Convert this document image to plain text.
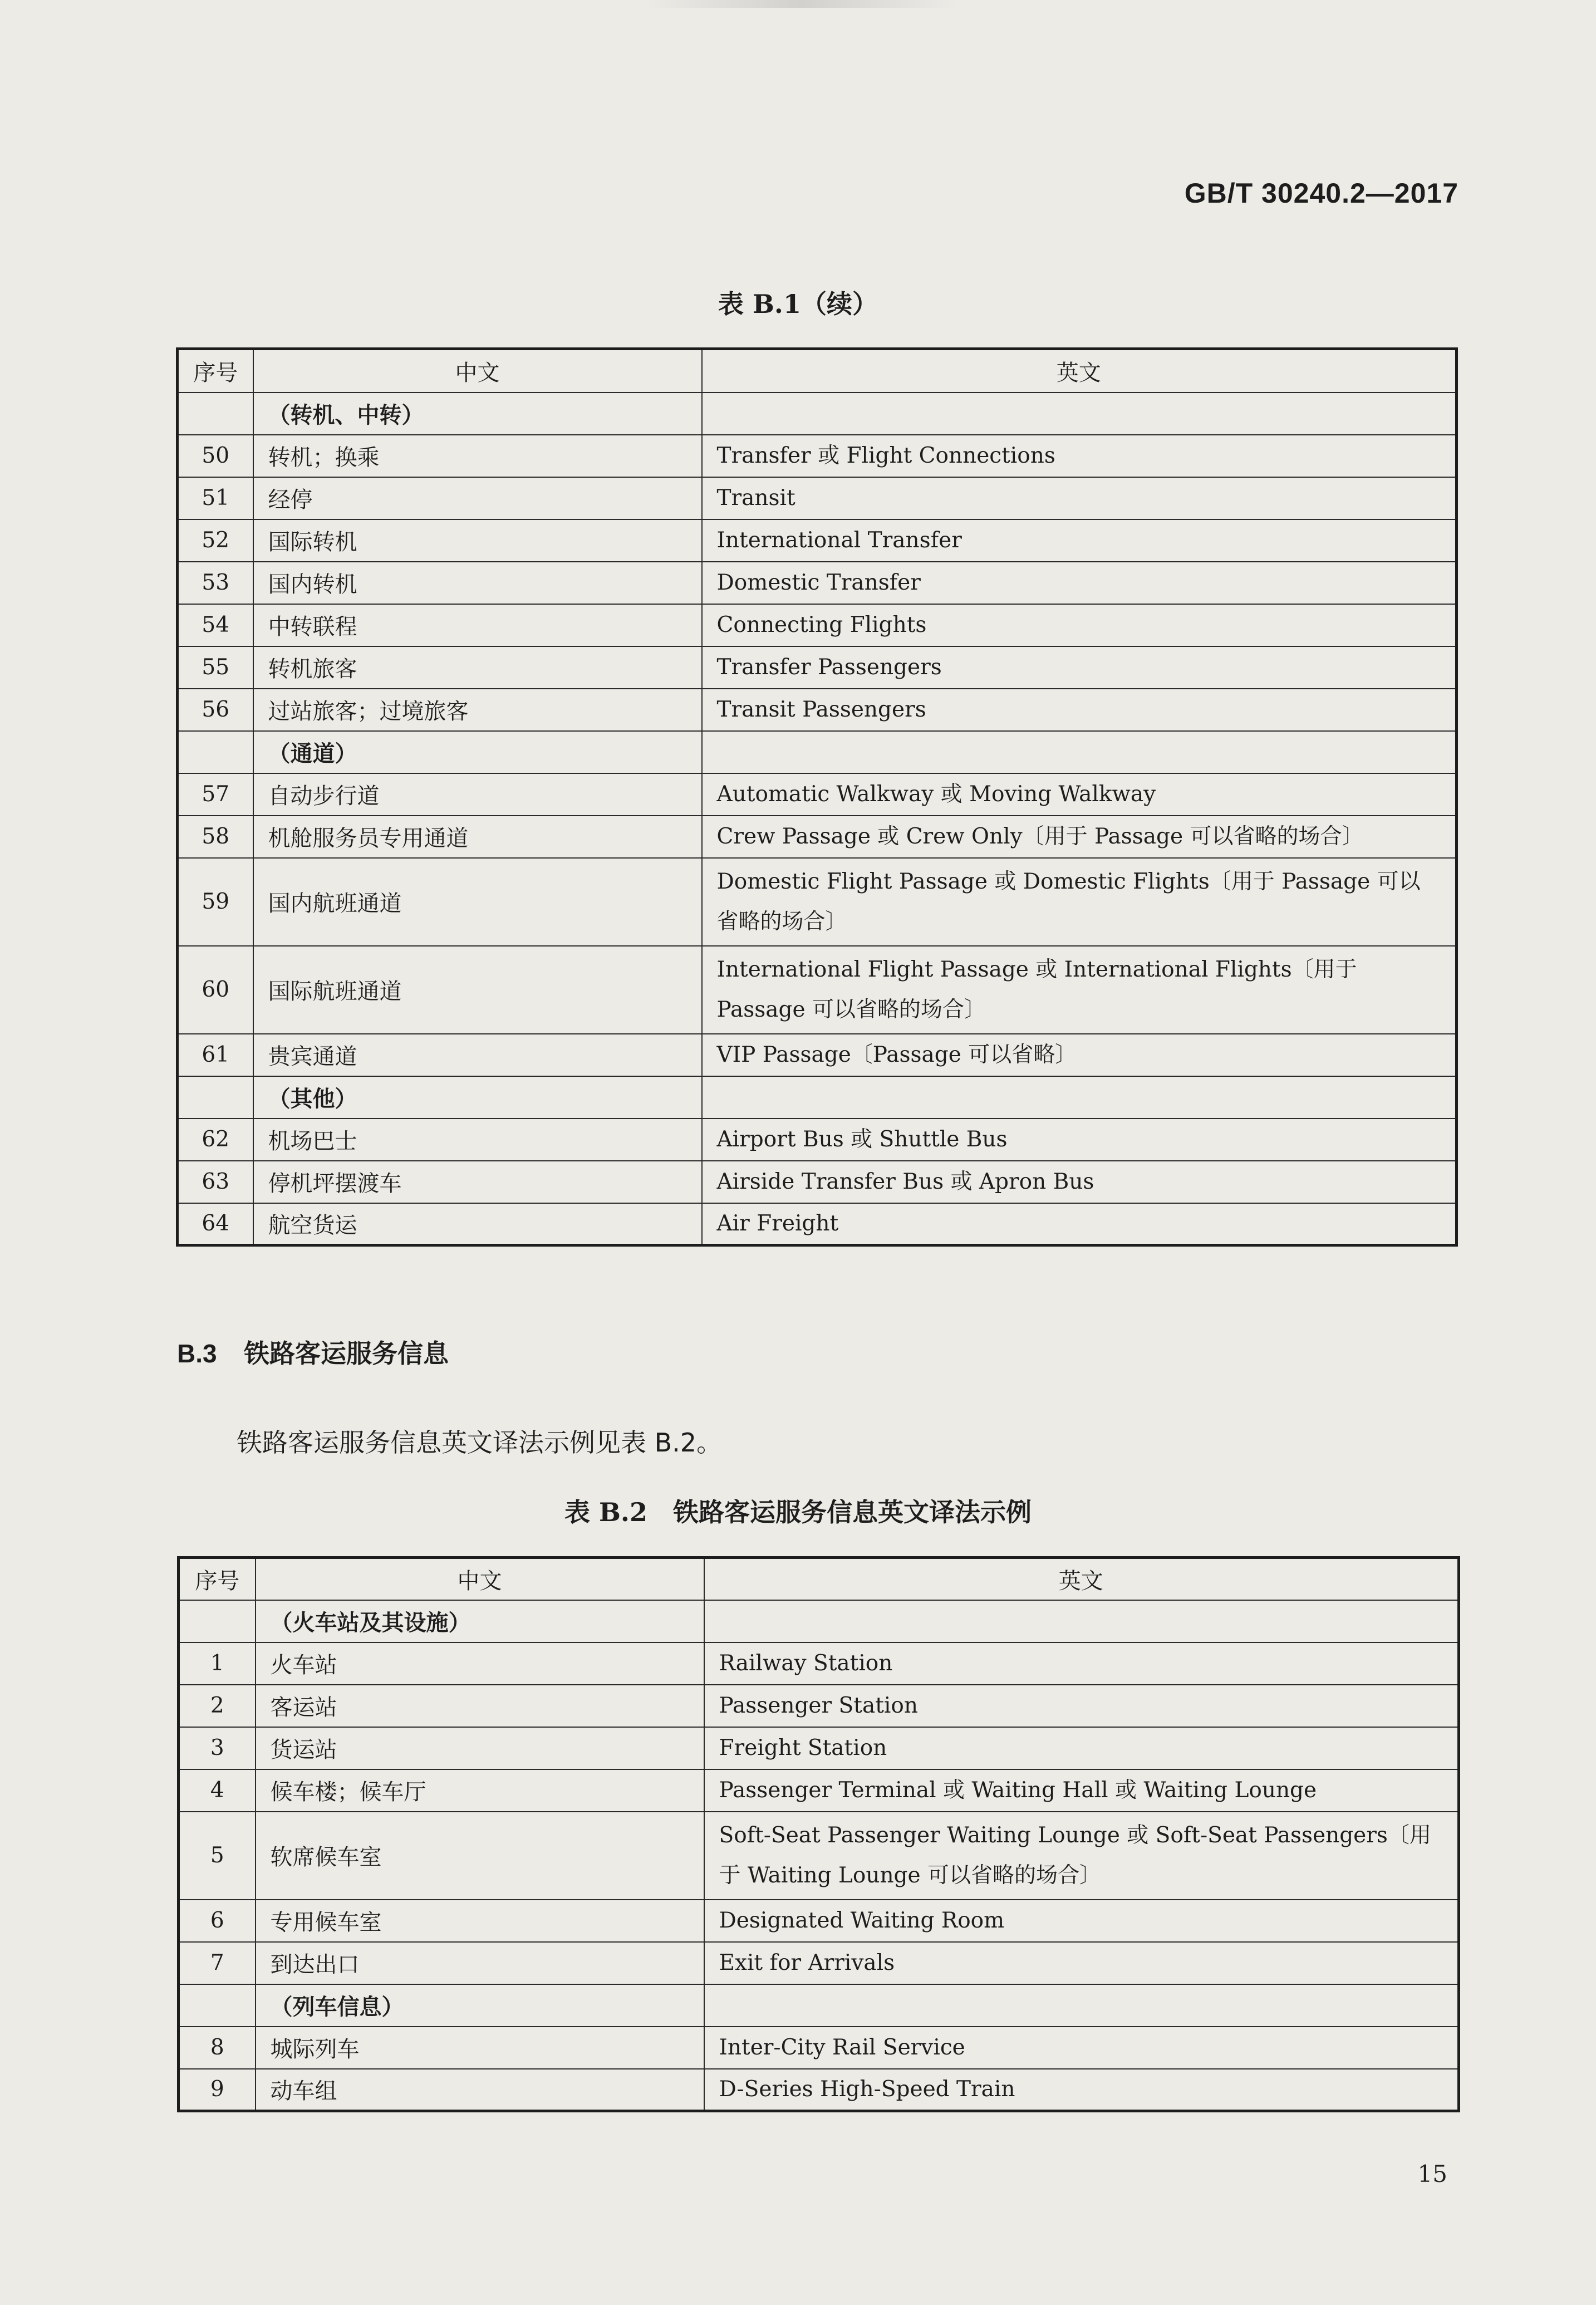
GB/T 30240.2—2017
表 B.1（续）
序号	中文	英文
	（转机、中转）	
50	转机；换乘	Transfer 或 Flight Connections
51	经停	Transit
52	国际转机	International Transfer
53	国内转机	Domestic Transfer
54	中转联程	Connecting Flights
55	转机旅客	Transfer Passengers
56	过站旅客；过境旅客	Transit Passengers
	（通道）	
57	自动步行道	Automatic Walkway 或 Moving Walkway
58	机舱服务员专用通道	Crew Passage 或 Crew Only〔用于 Passage 可以省略的场合〕
59	国内航班通道	Domestic Flight Passage 或 Domestic Flights〔用于 Passage 可以省略的场合〕
60	国际航班通道	International Flight Passage 或 International Flights〔用于 Passage 可以省略的场合〕
61	贵宾通道	VIP Passage〔Passage 可以省略〕
	（其他）	
62	机场巴士	Airport Bus 或 Shuttle Bus
63	停机坪摆渡车	Airside Transfer Bus 或 Apron Bus
64	航空货运	Air Freight
B.3 铁路客运服务信息
铁路客运服务信息英文译法示例见表 B.2。
表 B.2　铁路客运服务信息英文译法示例
序号	中文	英文
	（火车站及其设施）	
1	火车站	Railway Station
2	客运站	Passenger Station
3	货运站	Freight Station
4	候车楼；候车厅	Passenger Terminal 或 Waiting Hall 或 Waiting Lounge
5	软席候车室	Soft-Seat Passenger Waiting Lounge 或 Soft-Seat Passengers〔用于 Waiting Lounge 可以省略的场合〕
6	专用候车室	Designated Waiting Room
7	到达出口	Exit for Arrivals
	（列车信息）	
8	城际列车	Inter-City Rail Service
9	动车组	D-Series High-Speed Train
15
